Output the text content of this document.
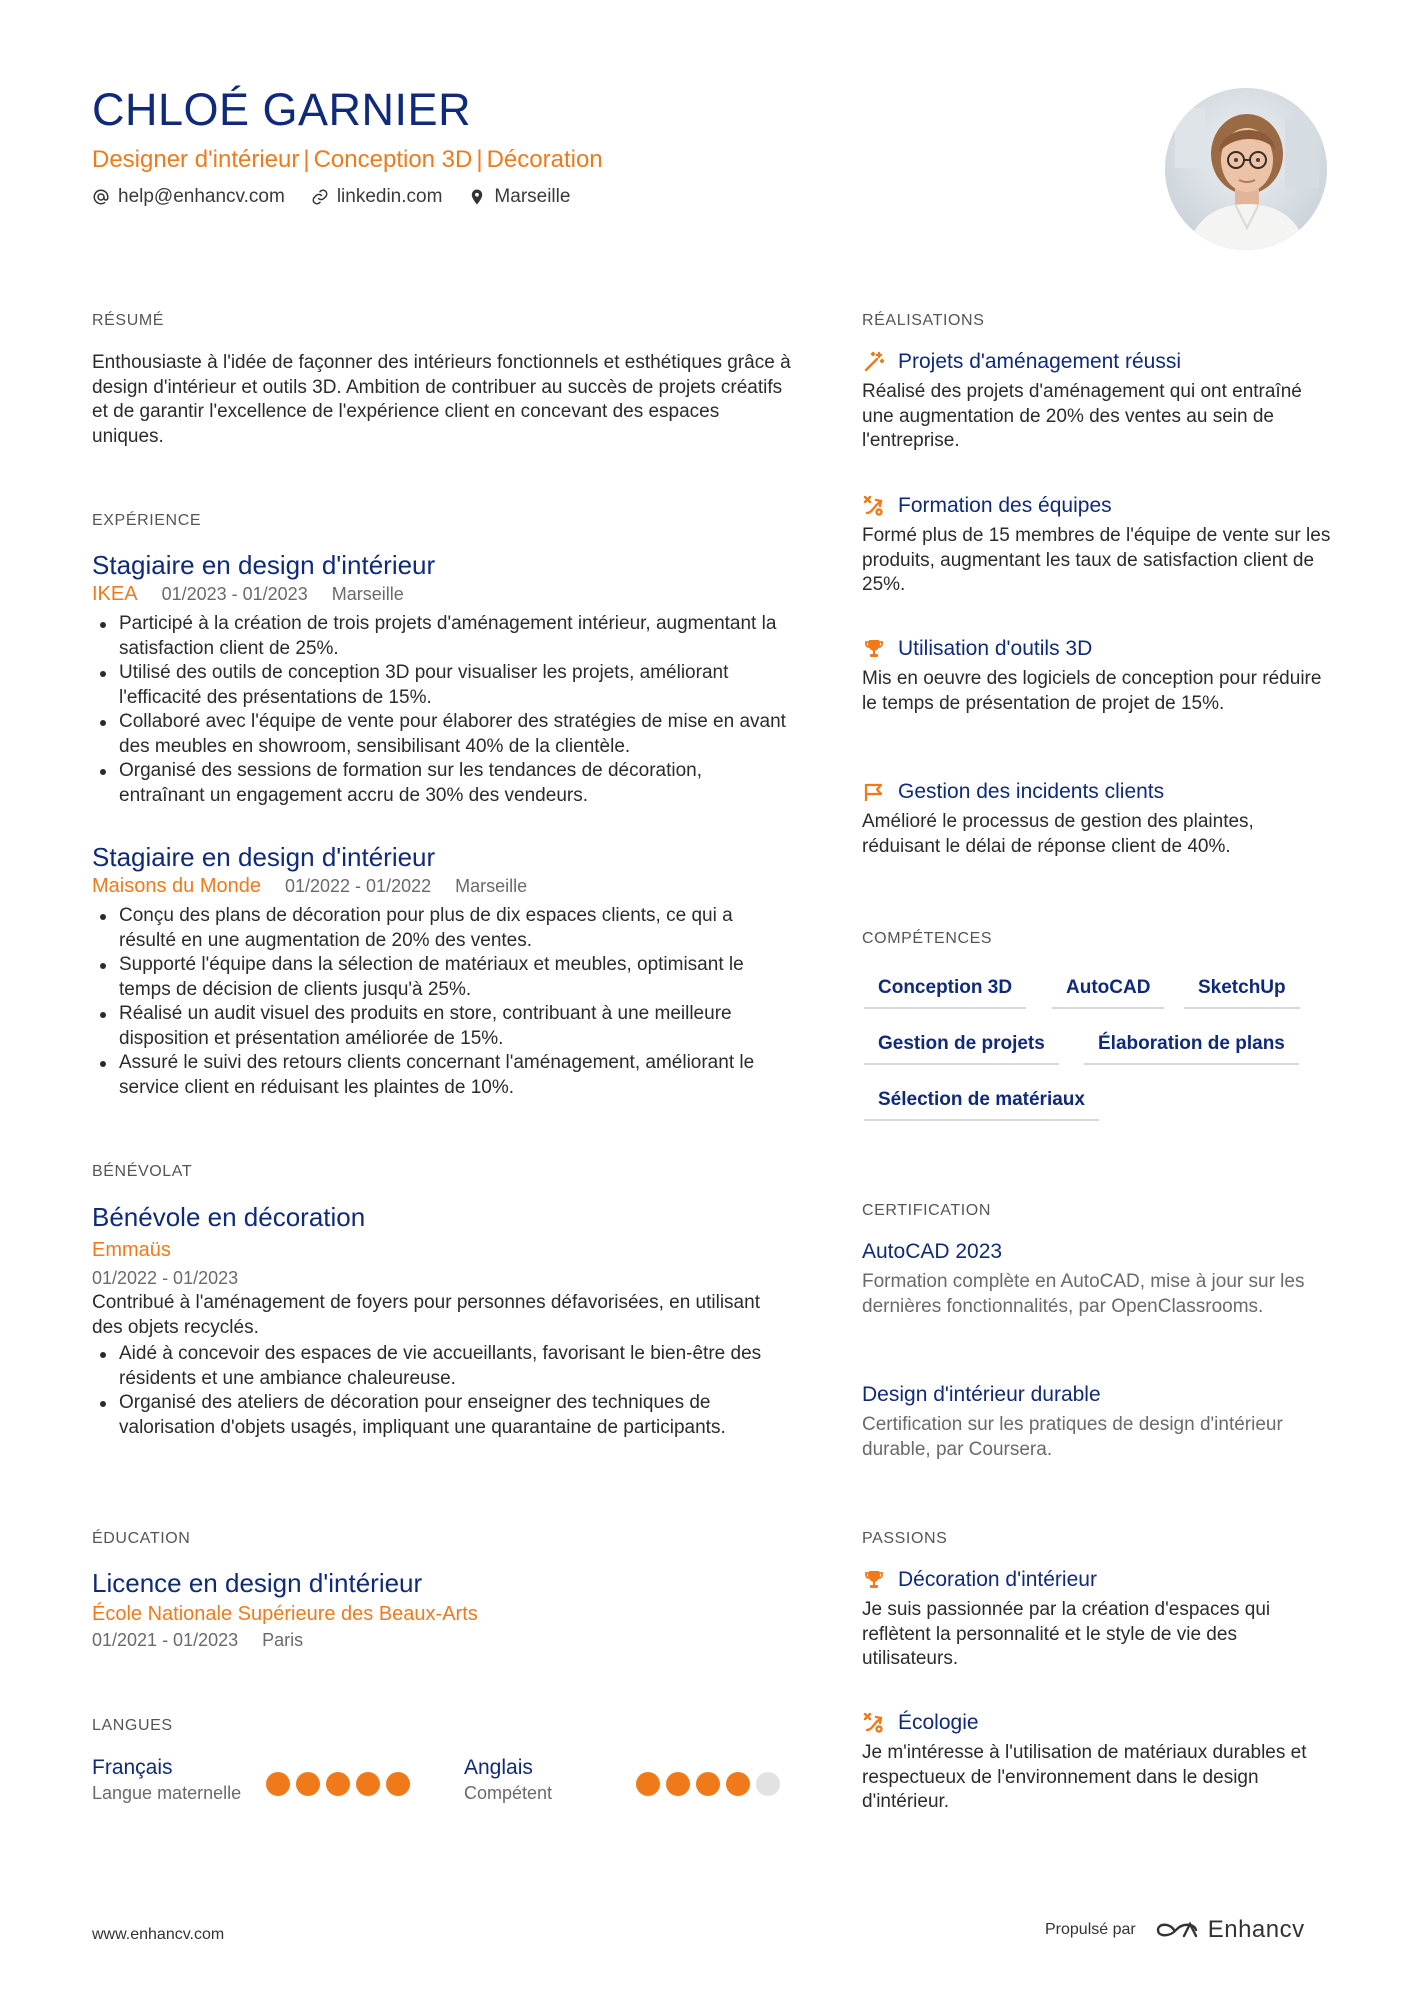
CHLOÉ GARNIER
Designer d'intérieur | Conception 3D | Décoration
help@enhancv.com	linkedin.com	Marseille
RÉSUMÉ
Enthousiaste à l'idée de façonner des intérieurs fonctionnels et esthétiques grâce à design d'intérieur et outils 3D. Ambition de contribuer au succès de projets créatifs et de garantir l'excellence de l'expérience client en concevant des espaces uniques.
EXPÉRIENCE
Stagiaire en design d'intérieur
IKEA 01/2023 - 01/2023 Marseille
Participé à la création de trois projets d'aménagement intérieur, augmentant la satisfaction client de 25%.
Utilisé des outils de conception 3D pour visualiser les projets, améliorant l'efficacité des présentations de 15%.
Collaboré avec l'équipe de vente pour élaborer des stratégies de mise en avant des meubles en showroom, sensibilisant 40% de la clientèle.
Organisé des sessions de formation sur les tendances de décoration, entraînant un engagement accru de 30% des vendeurs.
Stagiaire en design d'intérieur
Maisons du Monde 01/2022 - 01/2022 Marseille
Conçu des plans de décoration pour plus de dix espaces clients, ce qui a résulté en une augmentation de 20% des ventes.
Supporté l'équipe dans la sélection de matériaux et meubles, optimisant le temps de décision de clients jusqu'à 25%.
Réalisé un audit visuel des produits en store, contribuant à une meilleure disposition et présentation améliorée de 15%.
Assuré le suivi des retours clients concernant l'aménagement, améliorant le service client en réduisant les plaintes de 10%.
BÉNÉVOLAT
Bénévole en décoration
Emmaüs
01/2022 - 01/2023
Contribué à l'aménagement de foyers pour personnes défavorisées, en utilisant des objets recyclés.
Aidé à concevoir des espaces de vie accueillants, favorisant le bien-être des résidents et une ambiance chaleureuse.
Organisé des ateliers de décoration pour enseigner des techniques de valorisation d'objets usagés, impliquant une quarantaine de participants.
ÉDUCATION
Licence en design d'intérieur
École Nationale Supérieure des Beaux-Arts
01/2021 - 01/2023 Paris
LANGUES
Français
Langue maternelle
Anglais
Compétent
RÉALISATIONS
Projets d'aménagement réussi
Réalisé des projets d'aménagement qui ont entraîné une augmentation de 20% des ventes au sein de l'entreprise.
Formation des équipes
Formé plus de 15 membres de l'équipe de vente sur les produits, augmentant les taux de satisfaction client de 25%.
Utilisation d'outils 3D
Mis en oeuvre des logiciels de conception pour réduire le temps de présentation de projet de 15%.
Gestion des incidents clients
Amélioré le processus de gestion des plaintes, réduisant le délai de réponse client de 40%.
COMPÉTENCES
Conception 3D	AutoCAD	SketchUp
Gestion de projets	Élaboration de plans
Sélection de matériaux
CERTIFICATION
AutoCAD 2023
Formation complète en AutoCAD, mise à jour sur les dernières fonctionnalités, par OpenClassrooms.
Design d'intérieur durable
Certification sur les pratiques de design d'intérieur durable, par Coursera.
PASSIONS
Décoration d'intérieur
Je suis passionnée par la création d'espaces qui reflètent la personnalité et le style de vie des utilisateurs.
Écologie
Je m'intéresse à l'utilisation de matériaux durables et respectueux de l'environnement dans le design d'intérieur.
www.enhancv.com	Propulsé par	Enhancv
